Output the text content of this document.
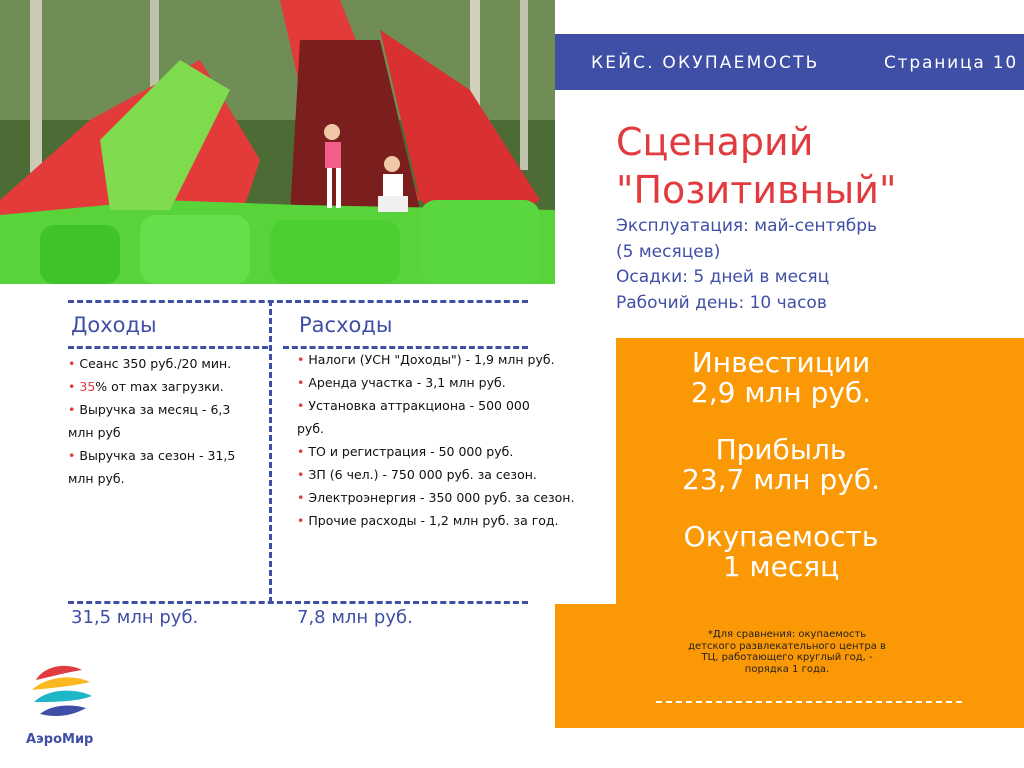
КЕЙС. ОКУПАЕМОСТЬ	Страница 10
Сценарий
"Позитивный"
Эксплуатация: май-сентябрь
(5 месяцев)
Осадки: 5 дней в месяц
Рабочий день: 10 часов
Инвестиции
2,9 млн руб.
Прибыль
23,7 млн руб.
Окупаемость
1 месяц
*Для сравнения: окупаемость детского развлекательного центра в ТЦ, работающего круглый год, - порядка 1 года.
Доходы
• Сеанс 350 руб./20 мин.
• 35% от max загрузки.
• Выручка за месяц - 6,3 млн руб
• Выручка за сезон - 31,5 млн руб.
31,5 млн руб.
Расходы
• Налоги (УСН "Доходы") - 1,9 млн руб.
• Аренда участка - 3,1 млн руб.
• Установка аттракциона - 500 000 руб.
• ТО и регистрация - 50 000 руб.
• ЗП (6 чел.) - 750 000 руб. за сезон.
• Электроэнергия - 350 000 руб. за сезон.
• Прочие расходы - 1,2 млн руб. за год.
7,8 млн руб.
АэроМир
